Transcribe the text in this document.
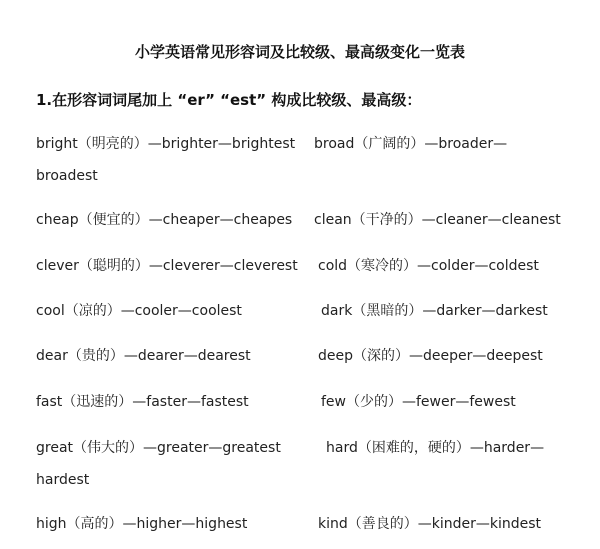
小学英语常见形容词及比较级、最高级变化一览表
1.在形容词词尾加上 “er” “est” 构成比较级、最高级：
bright（明亮的）—brighter—brightest broad（广阔的）—broader—
broadest
cheap（便宜的）—cheaper—cheapes clean（干净的）—cleaner—cleanest
clever（聪明的）—cleverer—cleverest cold（寒冷的）—colder—coldest
cool（凉的）—cooler—coolest	dark（黑暗的）—darker—darkest
dear（贵的）—dearer—dearest	deep（深的）—deeper—deepest
fast（迅速的）—faster—fastest	few（少的）—fewer—fewest
great（伟大的）—greater—greatest	hard（困难的，硬的）—harder—
hardest
high（高的）—higher—highest	kind（善良的）—kinder—kindest
